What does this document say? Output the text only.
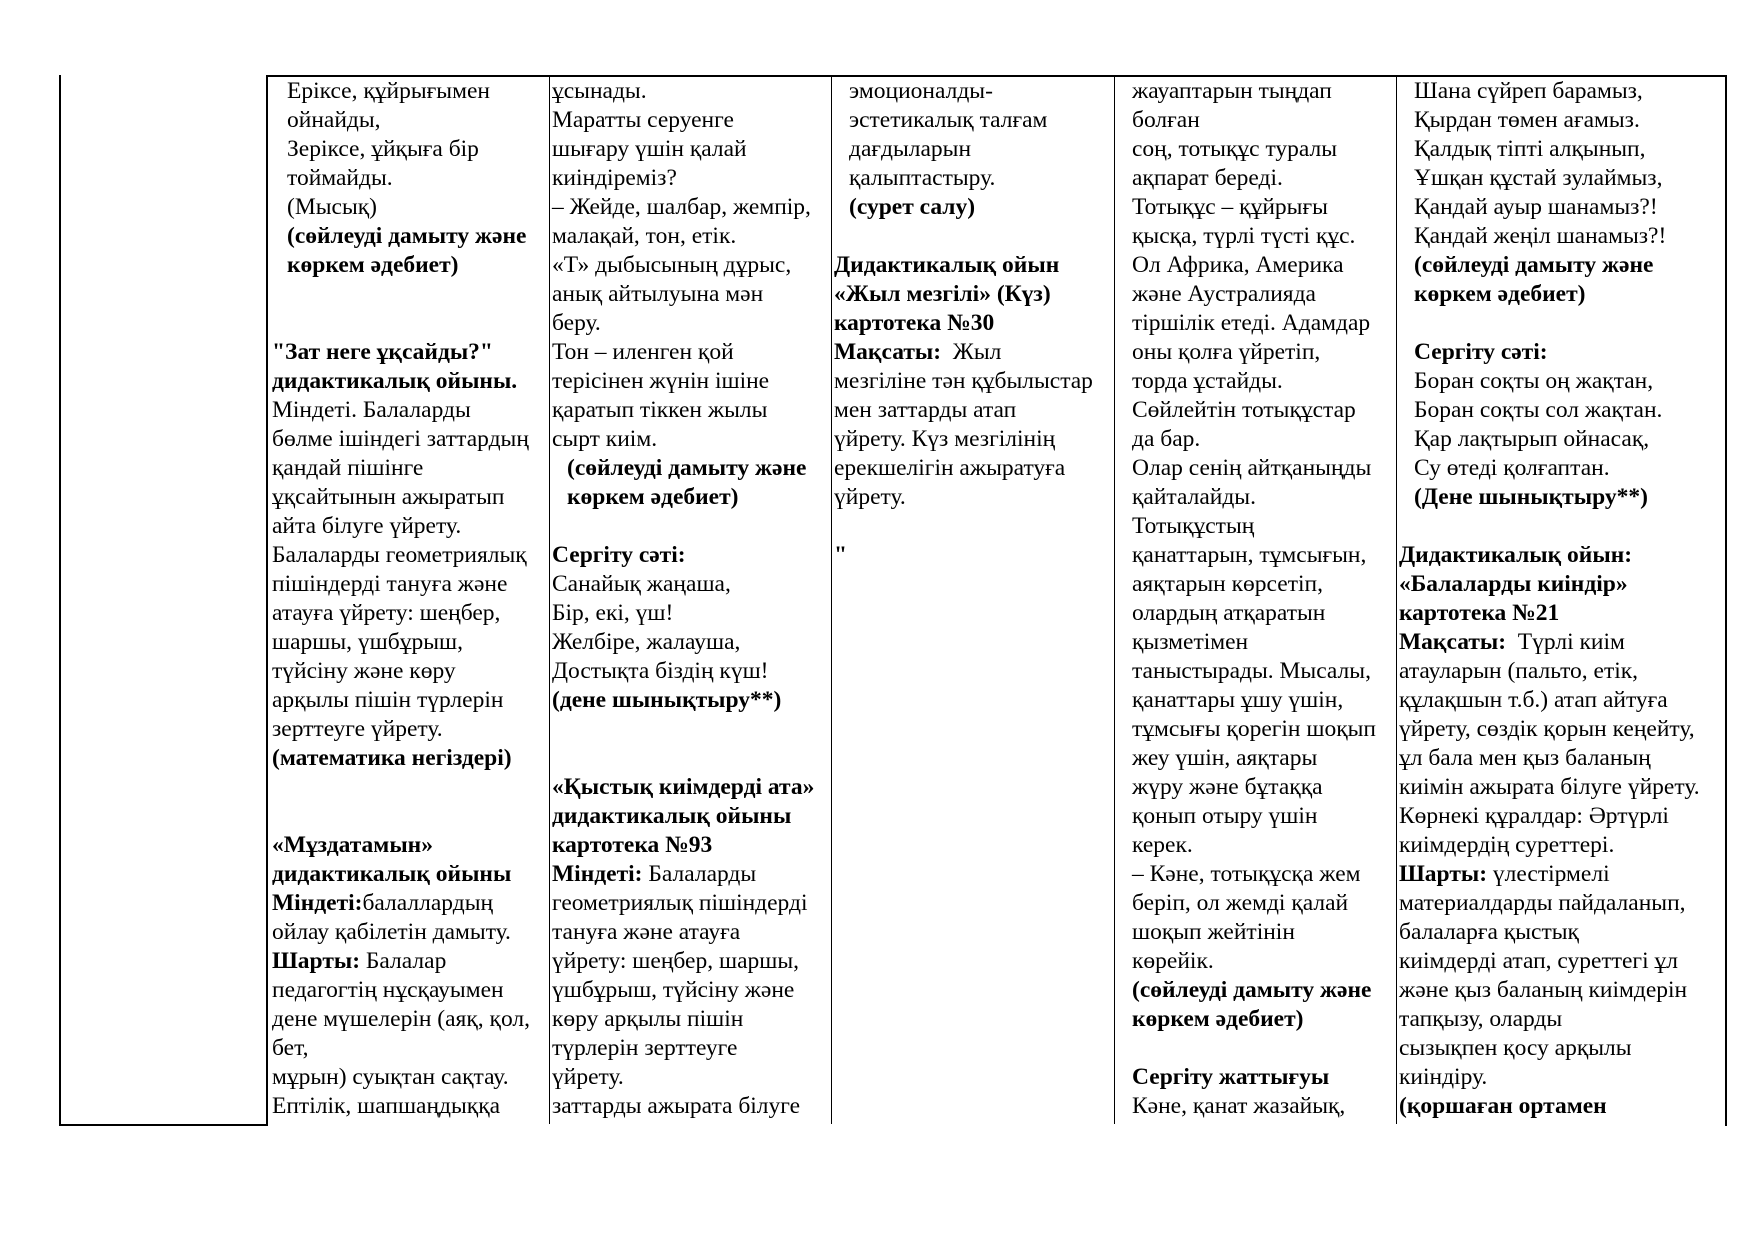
Еріксе, құйрығымен
ойнайды,
Зеріксе, ұйқыға бір
тоймайды.
(Мысық)
(сөйлеуді дамыту және
көркем әдебиет)
"Зат неге ұқсайды?"
дидактикалық ойыны.
Міндеті. Балаларды
бөлме ішіндегі заттардың
қандай пішінге
ұқсайтынын ажыратып
айта білуге үйрету.
Балаларды геометриялық
пішіндерді тануға және
атауға үйрету: шеңбер,
шаршы, үшбұрыш,
түйсіну және көру
арқылы пішін түрлерін
зерттеуге үйрету.
(математика негіздері)
«Мұздатамын»
дидактикалық ойыны
Міндеті:балаллардың
ойлау қабілетін дамыту.
Шарты: Балалар
педагогтің нұсқауымен
дене мүшелерін (аяқ, қол,
бет,
мұрын) суықтан сақтау.
Ептілік, шапшаңдыққа
ұсынады.
Маратты серуенге
шығару үшін қалай
киіндіреміз?
– Жейде, шалбар, жемпір,
малақай, тон, етік.
«Т» дыбысының дұрыс,
анық айтылуына мән
беру.
Тон – иленген қой
терісінен жүнін ішіне
қаратып тіккен жылы
сырт киім.
(сөйлеуді дамыту және
көркем әдебиет)
Сергіту сәті:
Санайық жаңаша,
Бір, екі, үш!
Желбіре, жалауша,
Достықта біздің күш!
(дене шынықтыру**)
«Қыстық киімдерді ата»
дидактикалық ойыны
картотека №93
Міндеті: Балаларды
геометриялық пішіндерді
тануға және атауға
үйрету: шеңбер, шаршы,
үшбұрыш, түйсіну және
көру арқылы пішін
түрлерін зерттеуге
үйрету.
заттарды ажырата білуге
эмоционалды-
эстетикалық талғам
дағдыларын
қалыптастыру.
(сурет салу)
Дидактикалық ойын
«Жыл мезгілі» (Күз)
картотека №30
Мақсаты:  Жыл
мезгіліне тән құбылыстар
мен заттарды атап
үйрету. Күз мезгілінің
ерекшелігін ажыратуға
үйрету.
"
жауаптарын тыңдап
болған
соң, тотықұс туралы
ақпарат береді.
Тотықұс – құйрығы
қысқа, түрлі түсті құс.
Ол Африка, Америка
және Аустралияда
тіршілік етеді. Адамдар
оны қолға үйретіп,
торда ұстайды.
Сөйлейтін тотықұстар
да бар.
Олар сенің айтқаныңды
қайталайды.
Тотықұстың
қанаттарын, тұмсығын,
аяқтарын көрсетіп,
олардың атқаратын
қызметімен
таныстырады. Мысалы,
қанаттары ұшу үшін,
тұмсығы қорегін шоқып
жеу үшін, аяқтары
жүру және бұтаққа
қонып отыру үшін
керек.
– Кәне, тотықұсқа жем
беріп, ол жемді қалай
шоқып жейтінін
көрейік.
(сөйлеуді дамыту және
көркем әдебиет)
Сергіту жаттығуы
Кәне, қанат жазайық,
Шана сүйреп барамыз,
Қырдан төмен ағамыз.
Қалдық тіпті алқынып,
Ұшқан құстай зулаймыз,
Қандай ауыр шанамыз?!
Қандай жеңіл шанамыз?!
(сөйлеуді дамыту және
көркем әдебиет)
Сергіту сәті:
Боран соқты оң жақтан,
Боран соқты сол жақтан.
Қар лақтырып ойнасақ,
Су өтеді қолғаптан.
(Дене шынықтыру**)
Дидактикалық ойын:
«Балаларды киіндір»
картотека №21
Мақсаты:  Түрлі киім
атауларын (пальто, етік,
құлақшын т.б.) атап айтуға
үйрету, сөздік қорын кеңейту,
ұл бала мен қыз баланың
киімін ажырата білуге үйрету.
Көрнекі құралдар: Әртүрлі
киімдердің суреттері.
Шарты: үлестірмелі
материалдарды пайдаланып,
балаларға қыстық
киімдерді атап, суреттегі ұл
және қыз баланың киімдерін
тапқызу, оларды
сызықпен қосу арқылы
киіндіру.
(қоршаған ортамен
